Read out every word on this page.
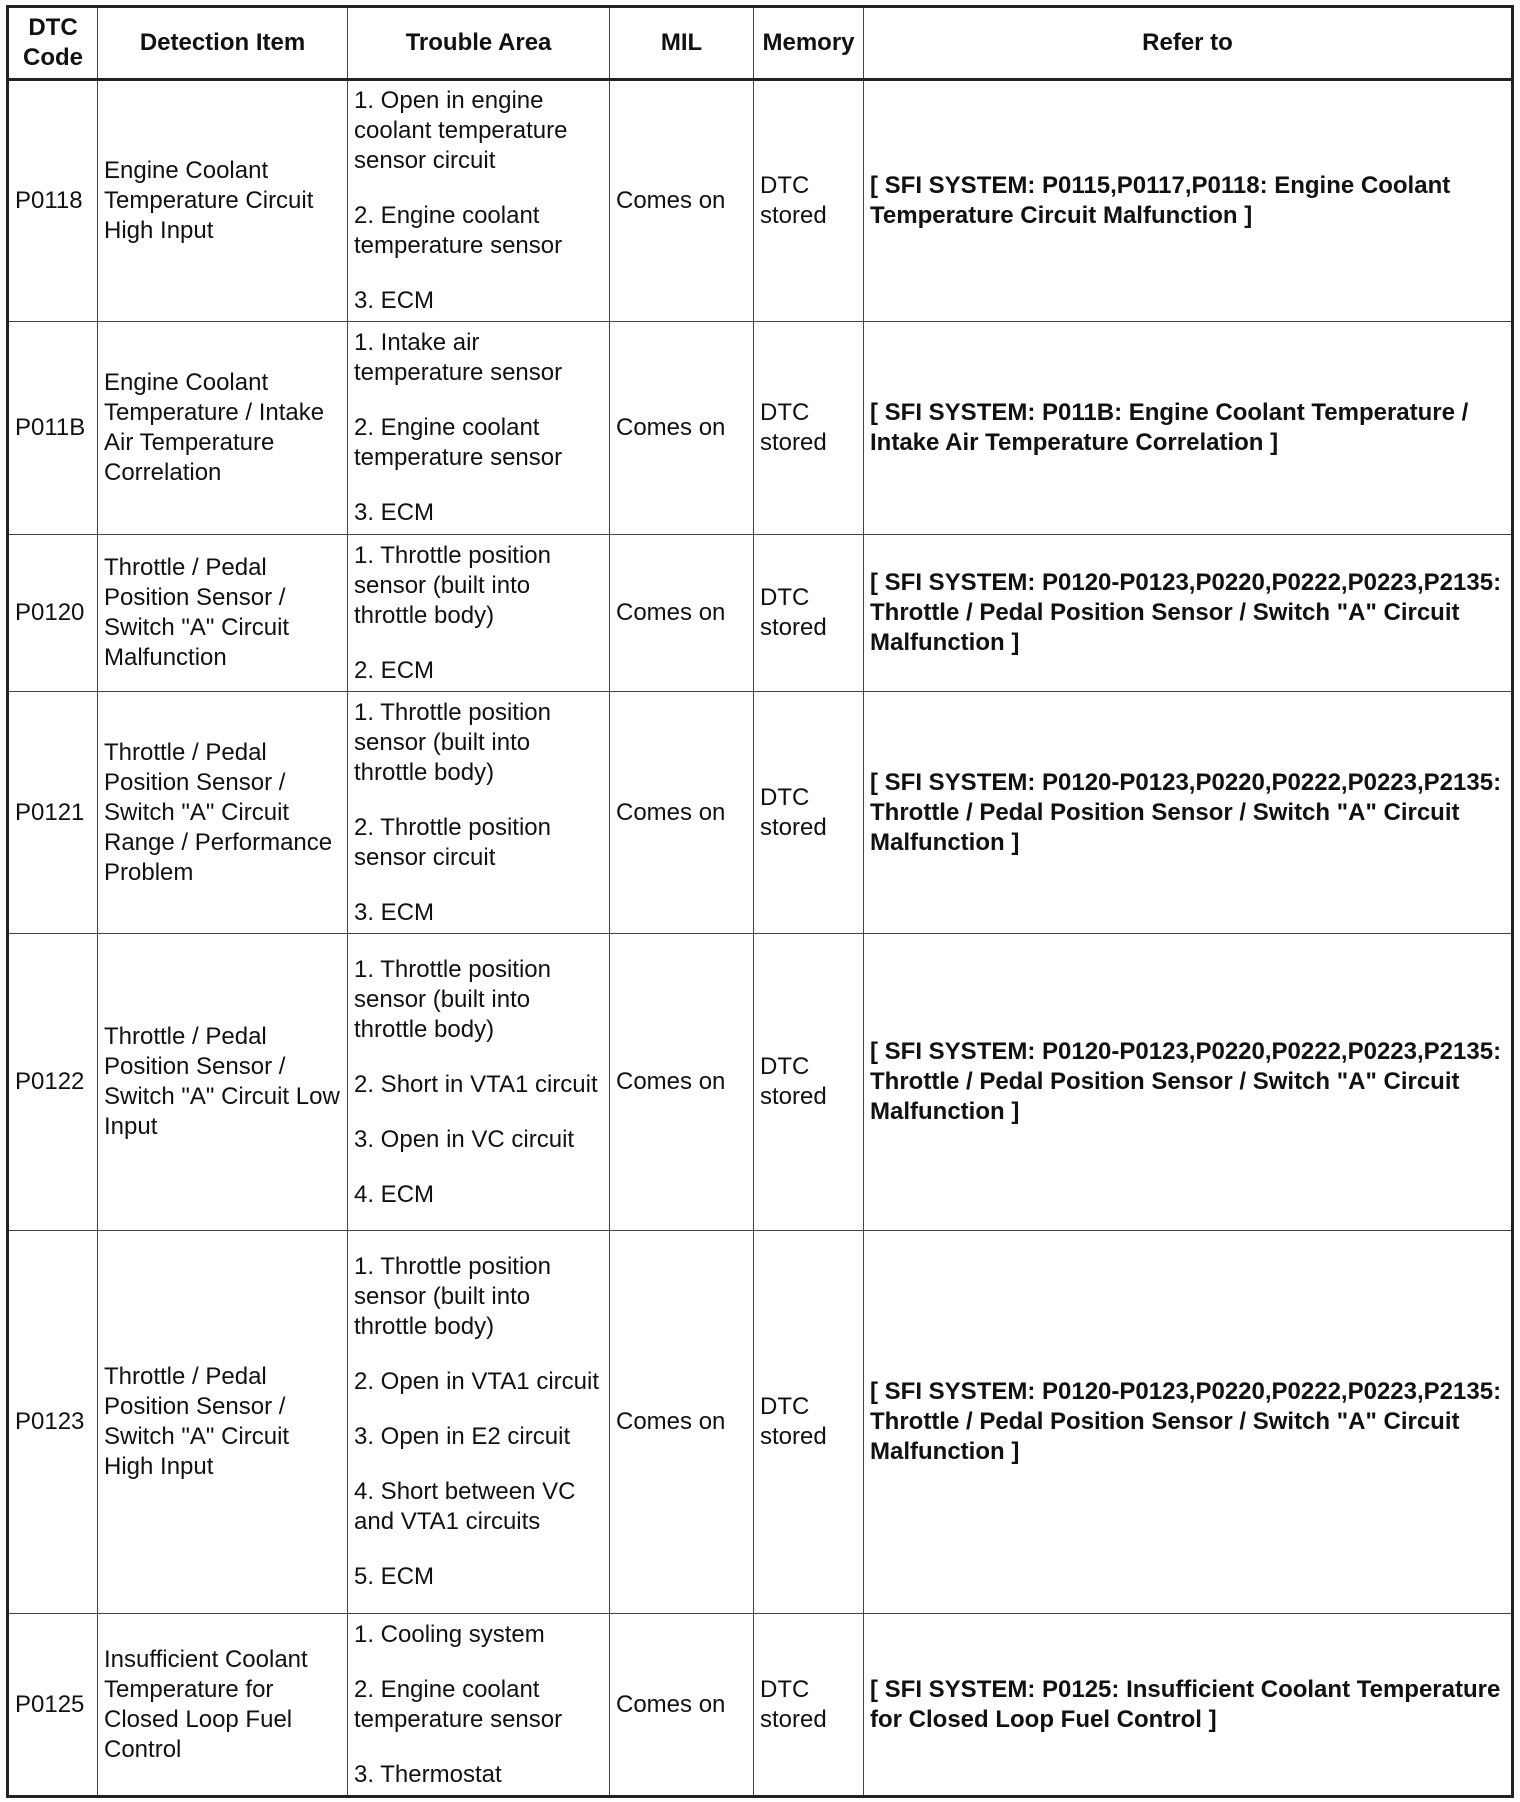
DTC Code	Detection Item	Trouble Area	MIL	Memory	Refer to
P0118	Engine Coolant Temperature Circuit High Input	1. Open in engine coolant temperature sensor circuit
2. Engine coolant temperature sensor
3. ECM	Comes on	DTC stored	[ SFI SYSTEM: P0115,P0117,P0118: Engine Coolant Temperature Circuit Malfunction ]
P011B	Engine Coolant Temperature / Intake Air Temperature Correlation	1. Intake air temperature sensor
2. Engine coolant temperature sensor
3. ECM	Comes on	DTC stored	[ SFI SYSTEM: P011B: Engine Coolant Temperature / Intake Air Temperature Correlation ]
P0120	Throttle / Pedal Position Sensor / Switch "A" Circuit Malfunction	1. Throttle position sensor (built into throttle body)
2. ECM	Comes on	DTC stored	[ SFI SYSTEM: P0120-P0123,P0220,P0222,P0223,P2135: Throttle / Pedal Position Sensor / Switch "A" Circuit Malfunction ]
P0121	Throttle / Pedal Position Sensor / Switch "A" Circuit Range / Performance Problem	1. Throttle position sensor (built into throttle body)
2. Throttle position sensor circuit
3. ECM	Comes on	DTC stored	[ SFI SYSTEM: P0120-P0123,P0220,P0222,P0223,P2135: Throttle / Pedal Position Sensor / Switch "A" Circuit Malfunction ]
P0122	Throttle / Pedal Position Sensor / Switch "A" Circuit Low Input	1. Throttle position sensor (built into throttle body)
2. Short in VTA1 circuit
3. Open in VC circuit
4. ECM	Comes on	DTC stored	[ SFI SYSTEM: P0120-P0123,P0220,P0222,P0223,P2135: Throttle / Pedal Position Sensor / Switch "A" Circuit Malfunction ]
P0123	Throttle / Pedal Position Sensor / Switch "A" Circuit High Input	1. Throttle position sensor (built into throttle body)
2. Open in VTA1 circuit
3. Open in E2 circuit
4. Short between VC and VTA1 circuits
5. ECM	Comes on	DTC stored	[ SFI SYSTEM: P0120-P0123,P0220,P0222,P0223,P2135: Throttle / Pedal Position Sensor / Switch "A" Circuit Malfunction ]
P0125	Insufficient Coolant Temperature for Closed Loop Fuel Control	1. Cooling system
2. Engine coolant temperature sensor
3. Thermostat	Comes on	DTC stored	[ SFI SYSTEM: P0125: Insufficient Coolant Temperature for Closed Loop Fuel Control ]
